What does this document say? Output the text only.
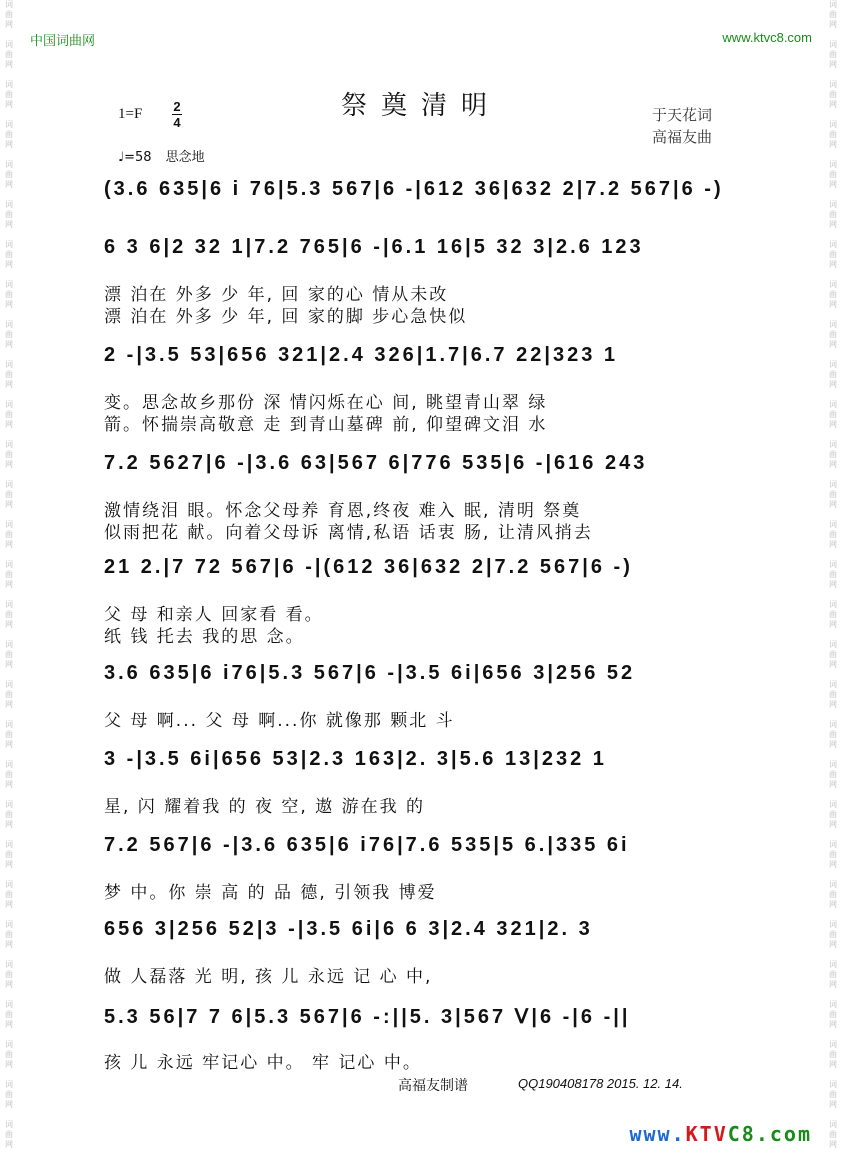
词
曲
网

词
曲
网

词
曲
网

词
曲
网

词
曲
网

词
曲
网

词
曲
网

词
曲
网

词
曲
网

词
曲
网

词
曲
网

词
曲
网

词
曲
网

词
曲
网

词
曲
网

词
曲
网

词
曲
网

词
曲
网

词
曲
网

词
曲
网

词
曲
网

词
曲
网

词
曲
网

词
曲
网

词
曲
网

词
曲
网

词
曲
网

词
曲
网

词
曲
网
词
曲
网

词
曲
网

词
曲
网

词
曲
网

词
曲
网

词
曲
网

词
曲
网

词
曲
网

词
曲
网

词
曲
网

词
曲
网

词
曲
网

词
曲
网

词
曲
网

词
曲
网

词
曲
网

词
曲
网

词
曲
网

词
曲
网

词
曲
网

词
曲
网

词
曲
网

词
曲
网

词
曲
网

词
曲
网

词
曲
网

词
曲
网

词
曲
网

词
曲
网
中国词曲网	www.ktvc8.com
祭奠清明
1=F 2
4	于天花词
高福友曲
♩=58 思念地
(3.6 635|6 i 76|5.3 567|6 -|612 36|632 2|7.2 567|6 -)
6 3 6|2 32 1|7.2 765|6 -|6.1 16|5 32 3|2.6 123
漂 泊在 外多 少 年, 回 家的心 情从未改
漂 泊在 外多 少 年, 回 家的脚 步心急快似
2 -|3.5 53|656 321|2.4 326|1.7|6.7 22|323 1
变。思念故乡那份 深 情闪烁在心 间, 眺望青山翠 绿
箭。怀揣崇高敬意 走 到青山墓碑 前, 仰望碑文泪 水
7.2 5627|6 -|3.6 63|567 6|776 535|6 -|616 243
激情绕泪 眼。怀念父母养 育恩,终夜 难入 眠, 清明 祭奠
似雨把花 献。向着父母诉 离情,私语 话衷 肠, 让清风捎去
21 2.|7 72 567|6 -|(612 36|632 2|7.2 567|6 -)
父 母 和亲人 回家看 看。
纸 钱 托去 我的思 念。
3.6 635|6 i76|5.3 567|6 -|3.5 6i|656 3|256 52
父 母 啊... 父 母 啊...你 就像那 颗北 斗
3 -|3.5 6i|656 53|2.3 163|2. 3|5.6 13|232 1
星, 闪 耀着我 的 夜 空, 遨 游在我 的
7.2 567|6 -|3.6 635|6 i76|7.6 535|5 6.|335 6i
梦 中。你 崇 高 的 品 德, 引领我 博爱
656 3|256 52|3 -|3.5 6i|6 6 3|2.4 321|2. 3
做 人磊落 光 明, 孩 儿 永远 记 心 中,
5.3 56|7 7 6|5.3 567|6 -:||5. 3|567 ᐯ|6 -|6 -||
孩 儿 永远 牢记心 中。 牢 记心 中。
高福友制谱	QQ190408178 2015. 12. 14.
www.KTVC8.com
